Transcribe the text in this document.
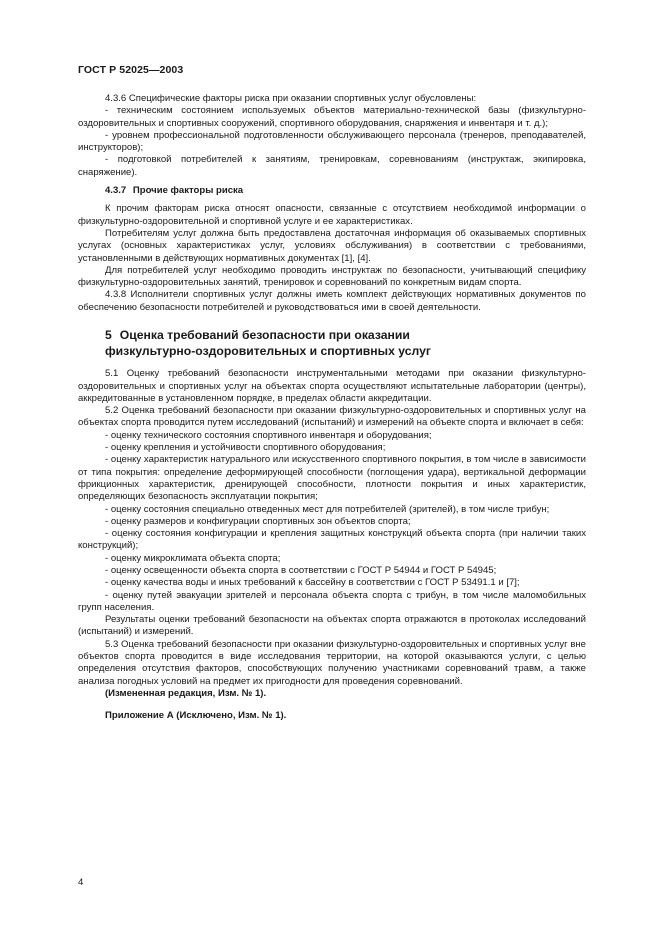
ГОСТ Р 52025—2003

4.3.6 Специфические факторы риска при оказании спортивных услуг обусловлены:

- техническим состоянием используемых объектов материально-технической базы (физкультурно-оздоровительных и спортивных сооружений, спортивного оборудования, снаряжения и инвентаря и т. д.);

- уровнем профессиональной подготовленности обслуживающего персонала (тренеров, преподавателей, инструкторов);

- подготовкой потребителей к занятиям, тренировкам, соревнованиям (инструктаж, экипировка, снаряжение).

4.3.7 Прочие факторы риска

К прочим факторам риска относят опасности, связанные с отсутствием необходимой информации о физкультурно-оздоровительной и спортивной услуге и ее характеристиках.

Потребителям услуг должна быть предоставлена достаточная информация об оказываемых спортивных услугах (основных характеристиках услуг, условиях обслуживания) в соответствии с требованиями, установленными в действующих нормативных документах [1], [4].

Для потребителей услуг необходимо проводить инструктаж по безопасности, учитывающий специфику физкультурно-оздоровительных занятий, тренировок и соревнований по конкретным видам спорта.

4.3.8 Исполнители спортивных услуг должны иметь комплект действующих нормативных документов по обеспечению безопасности потребителей и руководствоваться ими в своей деятельности.

5 Оценка требований безопасности при оказании
физкультурно-оздоровительных и спортивных услуг

5.1 Оценку требований безопасности инструментальными методами при оказании физкультурно-оздоровительных и спортивных услуг на объектах спорта осуществляют испытательные лаборатории (центры), аккредитованные в установленном порядке, в пределах области аккредитации.

5.2 Оценка требований безопасности при оказании физкультурно-оздоровительных и спортивных услуг на объектах спорта проводится путем исследований (испытаний) и измерений на объекте спорта и включает в себя:

- оценку технического состояния спортивного инвентаря и оборудования;

- оценку крепления и устойчивости спортивного оборудования;

- оценку характеристик натурального или искусственного спортивного покрытия, в том числе в зависимости от типа покрытия: определение деформирующей способности (поглощения удара), вертикальной деформации фрикционных характеристик, дренирующей способности, плотности покрытия и иных характеристик, определяющих безопасность эксплуатации покрытия;

- оценку состояния специально отведенных мест для потребителей (зрителей), в том числе трибун;

- оценку размеров и конфигурации спортивных зон объектов спорта;

- оценку состояния конфигурации и крепления защитных конструкций объекта спорта (при наличии таких конструкций);

- оценку микроклимата объекта спорта;

- оценку освещенности объекта спорта в соответствии с ГОСТ Р 54944 и ГОСТ Р 54945;

- оценку качества воды и иных требований к бассейну в соответствии с ГОСТ Р 53491.1 и [7];

- оценку путей эвакуации зрителей и персонала объекта спорта с трибун, в том числе маломобильных групп населения.

Результаты оценки требований безопасности на объектах спорта отражаются в протоколах исследований (испытаний) и измерений.

5.3 Оценка требований безопасности при оказании физкультурно-оздоровительных и спортивных услуг вне объектов спорта проводится в виде исследования территории, на которой оказываются услуги, с целью определения отсутствия факторов, способствующих получению участниками соревнований травм, а также анализа погодных условий на предмет их пригодности для проведения соревнований.

(Измененная редакция, Изм. № 1).

Приложение А (Исключено, Изм. № 1).

4
